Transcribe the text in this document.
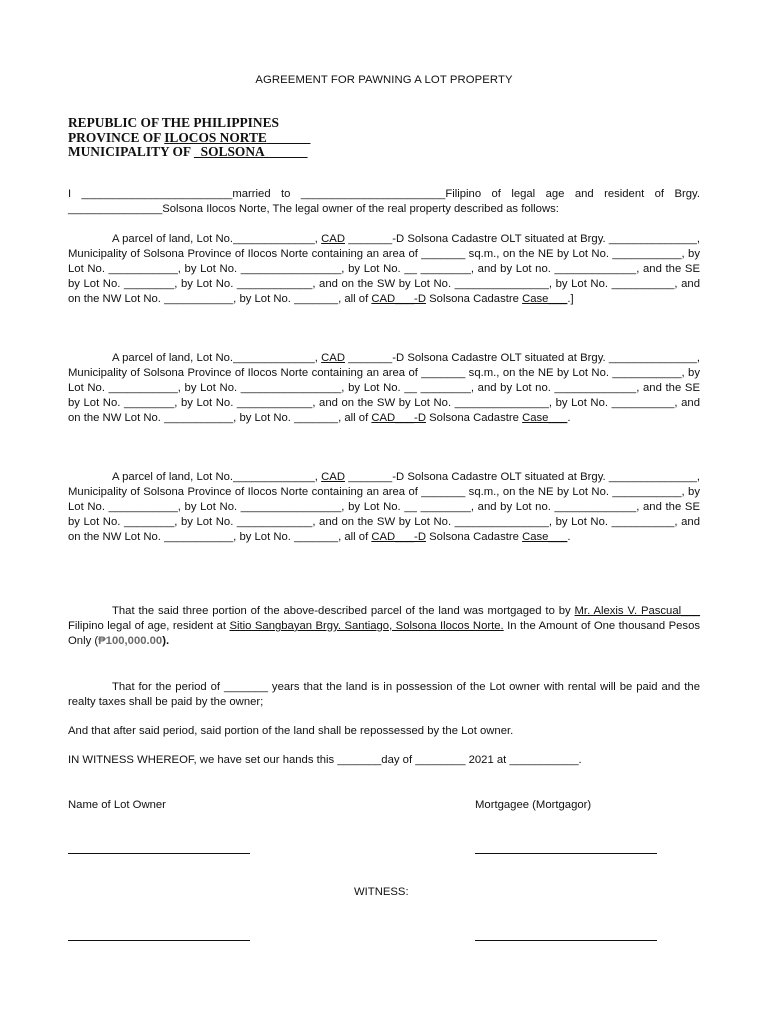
AGREEMENT FOR PAWNING A LOT PROPERTY
REPUBLIC OF THE PHILIPPINES
PROVINCE OF ILOCOS NORTE ______
MUNICIPALITY OF _SOLSONA ______

I ________________________married to _______________________Filipino of legal age and resident of Brgy. _______________Solsona Ilocos Norte, The legal owner of the real property described as follows:

A parcel of land, Lot No._____________, CAD _______-D Solsona Cadastre OLT situated at Brgy. ______________, Municipality of Solsona Province of Ilocos Norte containing an area of _______ sq.m., on the NE by Lot No. ___________, by Lot No. ___________, by Lot No. ________________, by Lot No. __ ________, and by Lot no. _____________, and the SE by Lot No. ________, by Lot No. ____________, and on the SW by Lot No. _______________, by Lot No. __________, and on the NW Lot No. ___________, by Lot No. _______, all of CAD___-D Solsona Cadastre Case___.]

A parcel of land, Lot No._____________, CAD _______-D Solsona Cadastre OLT situated at Brgy. ______________, Municipality of Solsona Province of Ilocos Norte containing an area of _______ sq.m., on the NE by Lot No. ___________, by Lot No. ___________, by Lot No. ________________, by Lot No. __ ________, and by Lot no. _____________, and the SE by Lot No. ________, by Lot No. ____________, and on the SW by Lot No. _______________, by Lot No. __________, and on the NW Lot No. ___________, by Lot No. _______, all of CAD___-D Solsona Cadastre Case___.

A parcel of land, Lot No._____________, CAD _______-D Solsona Cadastre OLT situated at Brgy. ______________, Municipality of Solsona Province of Ilocos Norte containing an area of _______ sq.m., on the NE by Lot No. ___________, by Lot No. ___________, by Lot No. ________________, by Lot No. __ ________, and by Lot no. _____________, and the SE by Lot No. ________, by Lot No. ____________, and on the SW by Lot No. _______________, by Lot No. __________, and on the NW Lot No. ___________, by Lot No. _______, all of CAD___-D Solsona Cadastre Case___.

That the said three portion of the above-described parcel of the land was mortgaged to by Mr. Alexis V. Pascual___ Filipino legal of age, resident at Sitio Sangbayan Brgy. Santiago, Solsona Ilocos Norte. In the Amount of One thousand Pesos Only (₱100,000.00).

That for the period of _______ years that the land is in possession of the Lot owner with rental will be paid and the realty taxes shall be paid by the owner;

And that after said period, said portion of the land shall be repossessed by the Lot owner.

IN WITNESS WHEREOF, we have set our hands this _______day of ________ 2021 at ___________.

Name of Lot Owner	Mortgagee (Mortgagor)
WITNESS:
